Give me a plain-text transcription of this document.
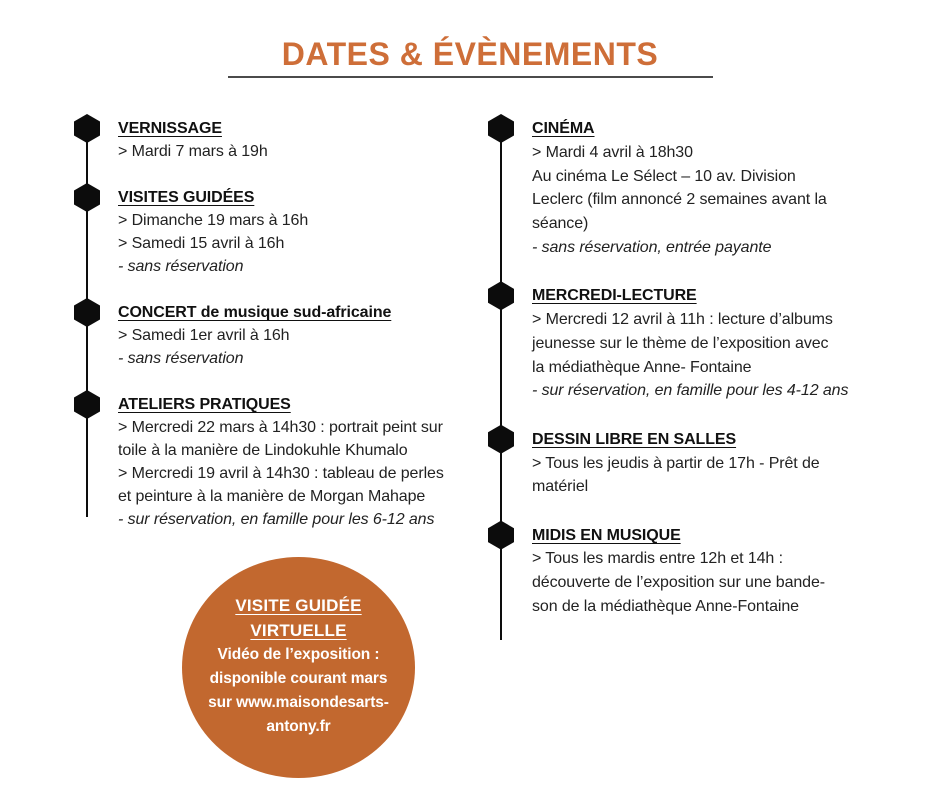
DATES & ÉVÈNEMENTS
VERNISSAGE
> Mardi 7 mars à 19h
VISITES GUIDÉES
> Dimanche 19 mars à 16h
> Samedi 15 avril à 16h
- sans réservation
CONCERT de musique sud-africaine
> Samedi 1er avril à 16h
- sans réservation
ATELIERS PRATIQUES
> Mercredi 22 mars à 14h30 : portrait peint sur
toile à la manière de Lindokuhle Khumalo
> Mercredi 19 avril à 14h30 : tableau de perles
et peinture à la manière de Morgan Mahape
- sur réservation, en famille pour les 6-12 ans
CINÉMA
> Mardi 4 avril à 18h30
Au cinéma Le Sélect – 10 av. Division
Leclerc (film annoncé 2 semaines avant la
séance)
- sans réservation, entrée payante
MERCREDI-LECTURE
> Mercredi 12 avril à 11h : lecture d’albums
jeunesse sur le thème de l’exposition avec
la médiathèque Anne- Fontaine
- sur réservation, en famille pour les 4-12 ans
DESSIN LIBRE EN SALLES
> Tous les jeudis à partir de 17h - Prêt de
matériel
MIDIS EN MUSIQUE
> Tous les mardis entre 12h et 14h :
découverte de l’exposition sur une bande-
son de la médiathèque Anne-Fontaine
VISITE GUIDÉE
VIRTUELLE
Vidéo de l’exposition :
disponible courant mars
sur www.maisondesarts-
antony.fr
